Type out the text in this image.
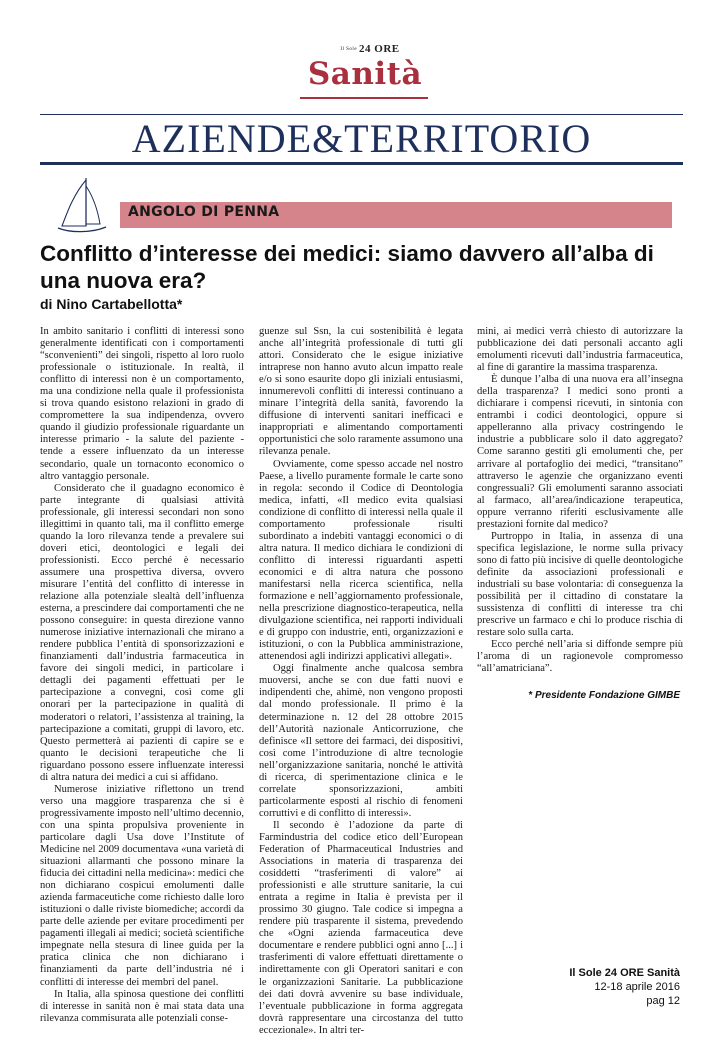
Il Sole 24 ORE
Sanità
AZIENDE&TERRITORIO
ANGOLO DI PENNA
Conflitto d’interesse dei medici: siamo davvero all’alba di una nuova era?
di Nino Cartabellotta*

In ambito sanitario i conflitti di interessi sono generalmente identificati con i comportamenti “sconvenienti” dei singoli, rispetto al loro ruolo professionale o istituzionale. In realtà, il conflitto di interessi non è un comportamento, ma una condizione nella quale il professionista si trova quando esistono relazioni in grado di compromettere la sua indipendenza, ovvero quando il giudizio professionale riguardante un interesse primario - la salute del paziente - tende a essere influenzato da un interesse secondario, quale un tornaconto economico o altro vantaggio personale.

Considerato che il guadagno economico è parte integrante di qualsiasi attività professionale, gli interessi secondari non sono illegittimi in quanto tali, ma il conflitto emerge quando la loro rilevanza tende a prevalere sui doveri etici, deontologici e legali dei professionisti. Ecco perché è necessario assumere una prospettiva diversa, ovvero misurare l’entità del conflitto di interesse in relazione alla potenziale slealtà dell’influenza esterna, a prescindere dai comportamenti che ne possono conseguire: in questa direzione vanno numerose iniziative internazionali che mirano a rendere pubblica l’entità di sponsorizzazioni e finanziamenti dall’industria farmaceutica in favore dei singoli medici, in particolare i dettagli dei pagamenti effettuati per le partecipazione a convegni, così come gli onorari per la partecipazione in qualità di moderatori o relatori, l’assistenza al training, la partecipazione a comitati, gruppi di lavoro, etc. Questo permetterà ai pazienti di capire se e quanto le decisioni terapeutiche che li riguardano possono essere influenzate interessi di altra natura dei medici a cui si affidano.

Numerose iniziative riflettono un trend verso una maggiore trasparenza che si è progressivamente imposto nell’ultimo decennio, con una spinta propulsiva proveniente in particolare dagli Usa dove l’Institute of Medicine nel 2009 documentava «una varietà di situazioni allarmanti che possono minare la fiducia dei cittadini nella medicina»: medici che non dichiarano cospicui emolumenti dalle azienda farmaceutiche come richiesto dalle loro istituzioni o dalle riviste biomediche; accordi da parte delle aziende per evitare procedimenti per pagamenti illegali ai medici; società scientifiche impegnate nella stesura di linee guida per la pratica clinica che non dichiarano i finanziamenti da parte dell’industria né i conflitti di interesse dei membri del panel.

In Italia, alla spinosa questione dei conflitti di interesse in sanità non è mai stata data una rilevanza commisurata alle potenziali conse-

guenze sul Ssn, la cui sostenibilità è legata anche all’integrità professionale di tutti gli attori. Considerato che le esigue iniziative intraprese non hanno avuto alcun impatto reale e/o si sono esaurite dopo gli iniziali entusiasmi, innumerevoli conflitti di interessi continuano a minare l’integrità della sanità, favorendo la diffusione di interventi sanitari inefficaci e inappropriati e alimentando comportamenti opportunistici che solo raramente assumono una rilevanza penale.

Ovviamente, come spesso accade nel nostro Paese, a livello puramente formale le carte sono in regola: secondo il Codice di Deontologia medica, infatti, «Il medico evita qualsiasi condizione di conflitto di interessi nella quale il comportamento professionale risulti subordinato a indebiti vantaggi economici o di altra natura. Il medico dichiara le condizioni di conflitto di interessi riguardanti aspetti economici e di altra natura che possono manifestarsi nella ricerca scientifica, nella formazione e nell’aggiornamento professionale, nella prescrizione diagnostico-terapeutica, nella divulgazione scientifica, nei rapporti individuali e di gruppo con industrie, enti, organizzazioni e istituzioni, o con la Pubblica amministrazione, attenendosi agli indirizzi applicativi allegati».

Oggi finalmente anche qualcosa sembra muoversi, anche se con due fatti nuovi e indipendenti che, ahimè, non vengono proposti dal mondo professionale. Il primo è la determinazione n. 12 del 28 ottobre 2015 dell’Autorità nazionale Anticorruzione, che definisce «Il settore dei farmaci, dei dispositivi, così come l’introduzione di altre tecnologie nell’organizzazione sanitaria, nonché le attività di ricerca, di sperimentazione clinica e le correlate sponsorizzazioni, ambiti particolarmente esposti al rischio di fenomeni corruttivi e di conflitto di interessi».

Il secondo è l’adozione da parte di Farmindustria del codice etico dell’European Federation of Pharmaceutical Industries and Associations in materia di trasparenza dei cosiddetti “trasferimenti di valore” ai professionisti e alle strutture sanitarie, la cui entrata a regime in Italia è prevista per il prossimo 30 giugno. Tale codice si impegna a rendere più trasparente il sistema, prevedendo che «Ogni azienda farmaceutica deve documentare e rendere pubblici ogni anno [...] i trasferimenti di valore effettuati direttamente o indirettamente con gli Operatori sanitari e con le organizzazioni Sanitarie. La pubblicazione dei dati dovrà avvenire su base individuale, l’eventuale pubblicazione in forma aggregata dovrà rappresentare una circostanza del tutto eccezionale». In altri ter-

mini, ai medici verrà chiesto di autorizzare la pubblicazione dei dati personali accanto agli emolumenti ricevuti dall’industria farmaceutica, al fine di garantire la massima trasparenza.

È dunque l’alba di una nuova era all’insegna della trasparenza? I medici sono pronti a dichiarare i compensi ricevuti, in sintonia con entrambi i codici deontologici, oppure si appelleranno alla privacy costringendo le industrie a pubblicare solo il dato aggregato? Come saranno gestiti gli emolumenti che, per arrivare al portafoglio dei medici, “transitano” attraverso le agenzie che organizzano eventi congressuali? Gli emolumenti saranno associati al farmaco, all’area/indicazione terapeutica, oppure verranno riferiti esclusivamente alle prestazioni fornite dal medico?

Purtroppo in Italia, in assenza di una specifica legislazione, le norme sulla privacy sono di fatto più incisive di quelle deontologiche definite da associazioni professionali e industriali su base volontaria: di conseguenza la possibilità per il cittadino di constatare la sussistenza di conflitti di interesse tra chi prescrive un farmaco e chi lo produce rischia di restare solo sulla carta.

Ecco perché nell’aria si diffonde sempre più l’aroma di un ragionevole compromesso “all’amatriciana”.

* Presidente Fondazione GIMBE
Il Sole 24 ORE Sanità
12-18 aprile 2016
pag 12
